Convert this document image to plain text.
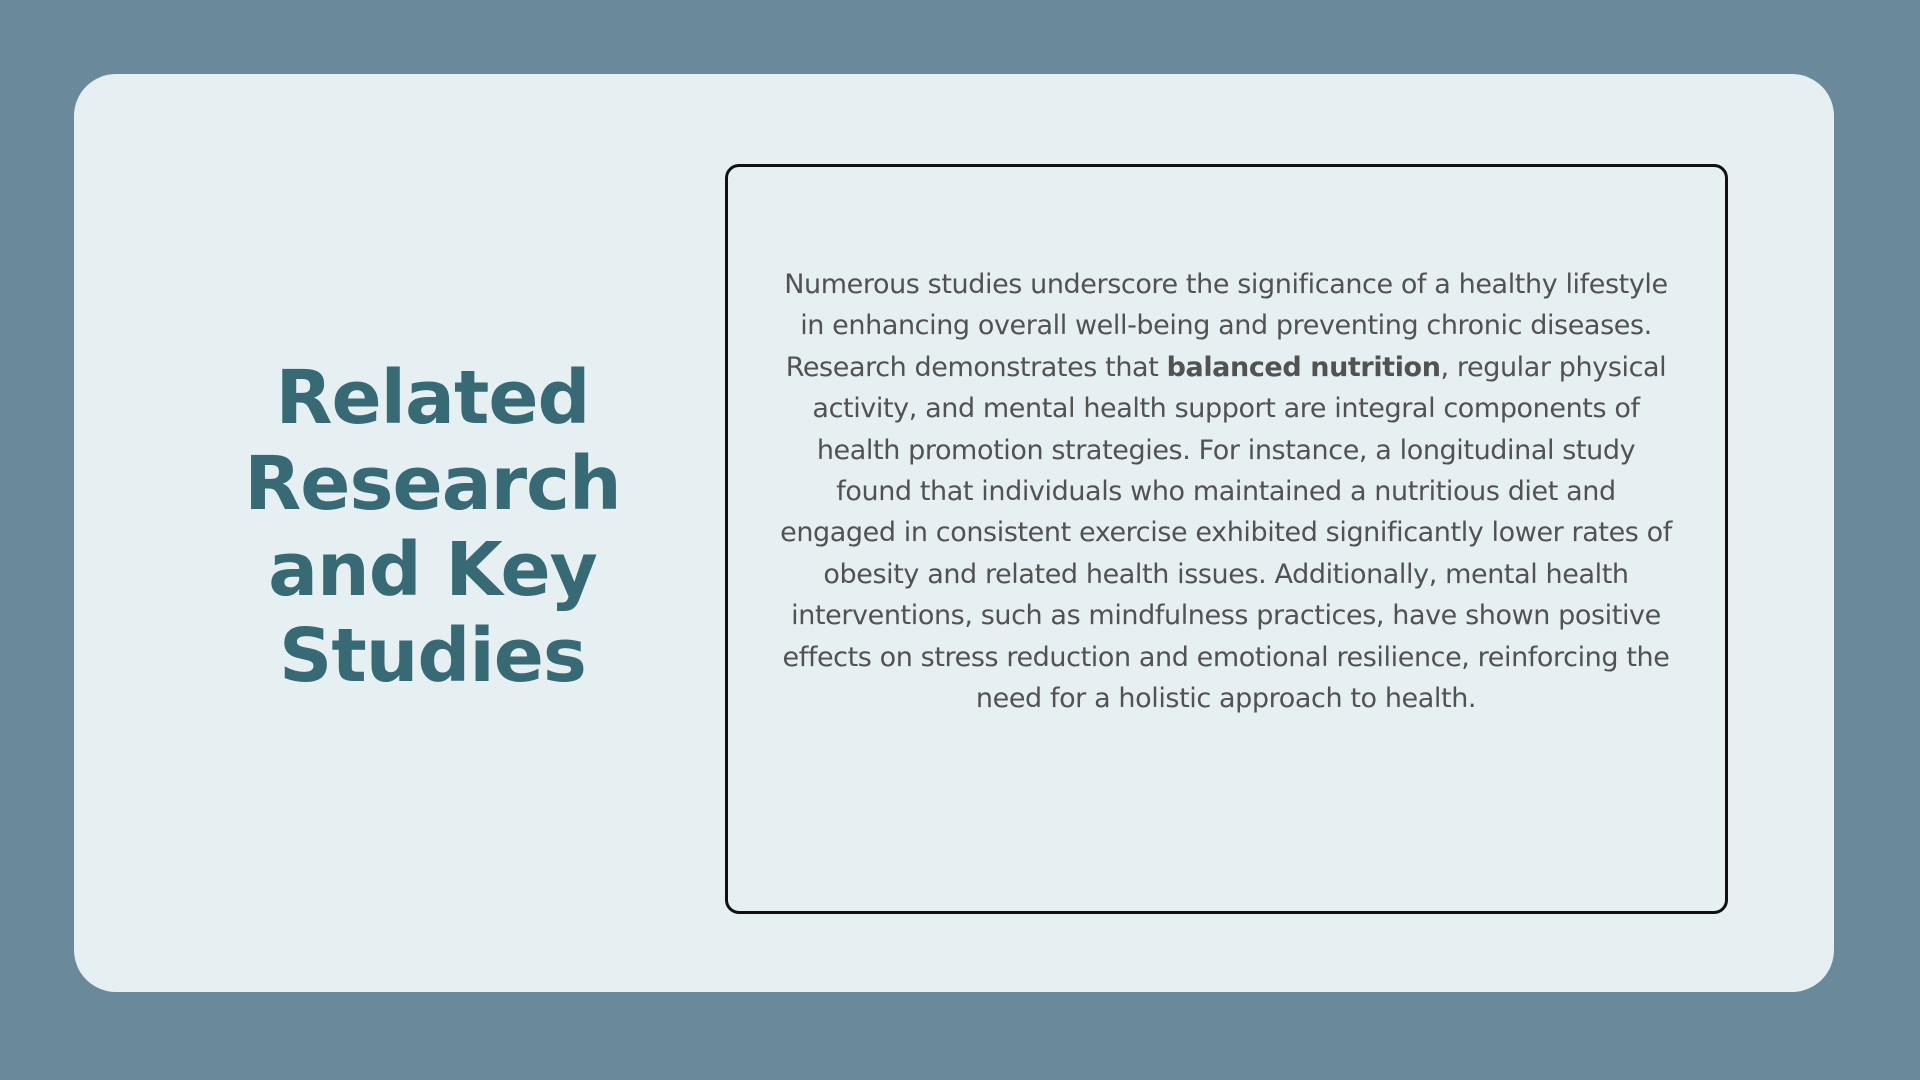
Related
Research
and Key
Studies

Numerous studies underscore the significance of a healthy lifestyle in enhancing overall well-being and preventing chronic diseases. Research demonstrates that balanced nutrition, regular physical activity, and mental health support are integral components of health promotion strategies. For instance, a longitudinal study found that individuals who maintained a nutritious diet and engaged in consistent exercise exhibited significantly lower rates of obesity and related health issues. Additionally, mental health interventions, such as mindfulness practices, have shown positive effects on stress reduction and emotional resilience, reinforcing the need for a holistic approach to health.
